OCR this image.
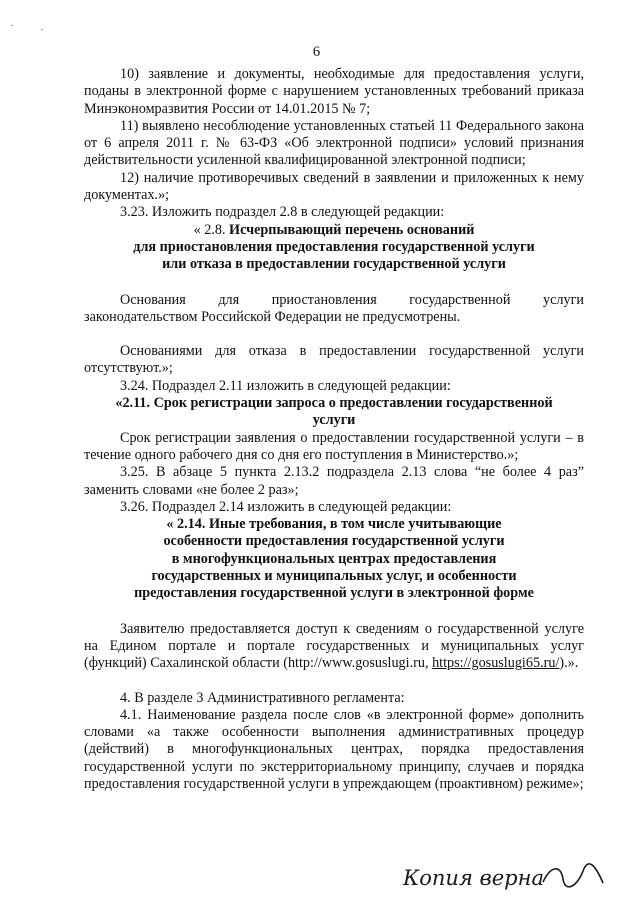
· ·
6

10) заявление и документы, необходимые для предоставления услуги, поданы в электронной форме с нарушением установленных требований приказа Минэкономразвития России от 14.01.2015 № 7;

11) выявлено несоблюдение установленных статьей 11 Федерального закона от 6 апреля 2011 г. № 63-ФЗ «Об электронной подписи» условий признания действительности усиленной квалифицированной электронной подписи;

12) наличие противоречивых сведений в заявлении и приложенных к нему документах.»;

3.23. Изложить подраздел 2.8 в следующей редакции:

« 2.8. Исчерпывающий перечень оснований

для приостановления предоставления государственной услуги

или отказа в предоставлении государственной услуги

Основания для приостановления государственной услуги законодательством Российской Федерации не предусмотрены.

Основаниями для отказа в предоставлении государственной услуги отсутствуют.»;

3.24. Подраздел 2.11 изложить в следующей редакции:

«2.11. Срок регистрации запроса о предоставлении государственной

услуги

Срок регистрации заявления о предоставлении государственной услуги – в течение одного рабочего дня со дня его поступления в Министерство.»;

3.25. В абзаце 5 пункта 2.13.2 подраздела 2.13 слова “не более 4 раз” заменить словами «не более 2 раз»;

3.26. Подраздел 2.14 изложить в следующей редакции:

« 2.14. Иные требования, в том числе учитывающие

особенности предоставления государственной услуги

в многофункциональных центрах предоставления

государственных и муниципальных услуг, и особенности

предоставления государственной услуги в электронной форме

Заявителю предоставляется доступ к сведениям о государственной услуге на Едином портале и портале государственных и муниципальных услуг (функций) Сахалинской области (http://www.gosuslugi.ru, https://gosuslugi65.ru/).».

4. В разделе 3 Административного регламента:

4.1. Наименование раздела после слов «в электронной форме» дополнить словами «а также особенности выполнения административных процедур (действий) в многофункциональных центрах, порядка предоставления государственной услуги по экстерриториальному принципу, случаев и порядка предоставления государственной услуги в упреждающем (проактивном) режиме»;

Копия верна
